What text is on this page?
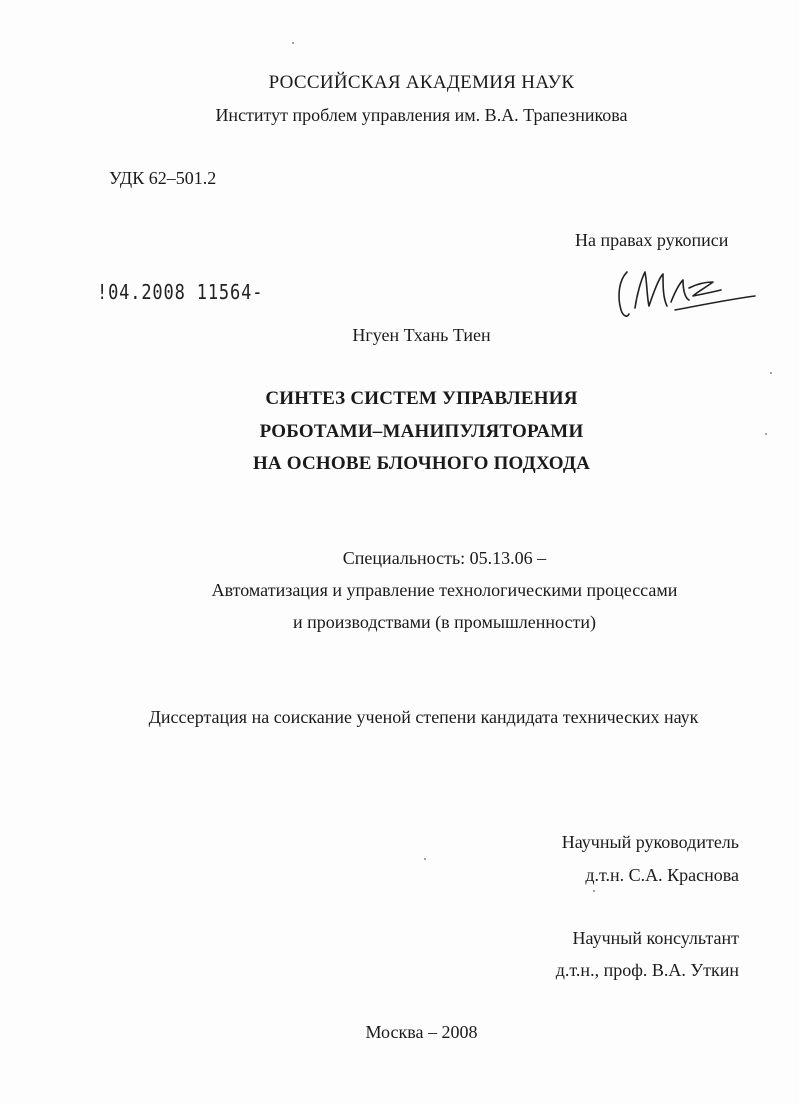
РОССИЙСКАЯ АКАДЕМИЯ НАУК
Институт проблем управления им. В.А. Трапезникова
УДК 62–501.2
На правах рукописи
!04.2008 11564-
Нгуен Тхань Тиен
СИНТЕЗ СИСТЕМ УПРАВЛЕНИЯ
РОБОТАМИ–МАНИПУЛЯТОРАМИ
НА ОСНОВЕ БЛОЧНОГО ПОДХОДА
Специальность: 05.13.06 –
Автоматизация и управление технологическими процессами
и производствами (в промышленности)
Диссертация на соискание ученой степени кандидата технических наук
Научный руководитель
д.т.н. С.А. Краснова
Научный консультант
д.т.н., проф. В.А. Уткин
Москва – 2008
